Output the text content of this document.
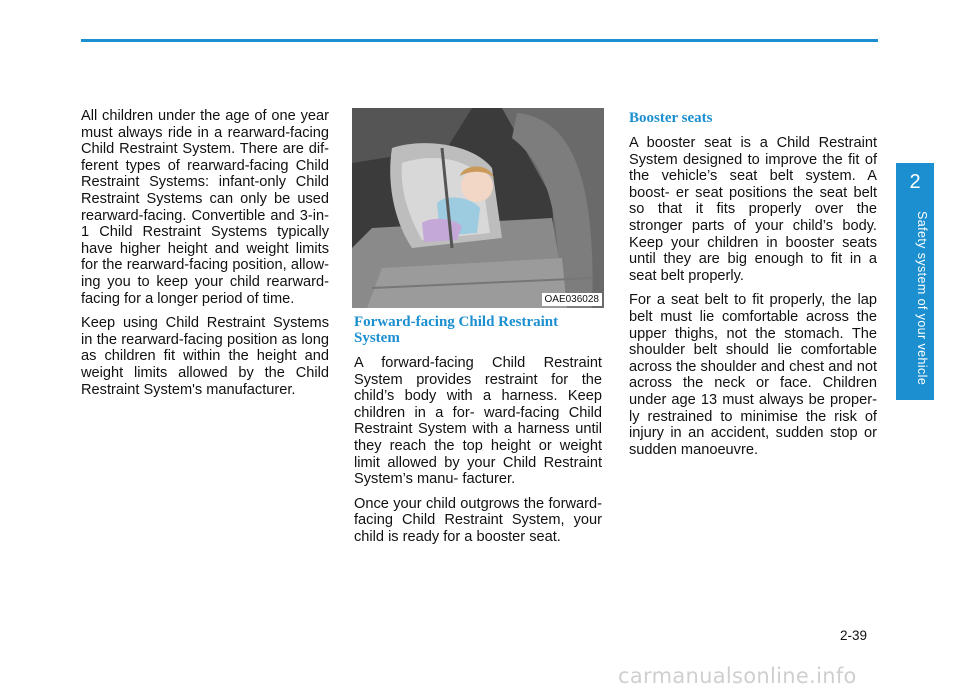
All children under the age of one year must always ride in a rearward-facing Child Restraint System. There are dif- ferent types of rearward-facing Child Restraint Systems: infant-only Child Restraint Systems can only be used rearward-facing. Convertible and 3-in- 1 Child Restraint Systems typically have higher height and weight limits for the rearward-facing position, allow- ing you to keep your child rearward- facing for a longer period of time.

Keep using Child Restraint Systems in the rearward-facing position as long as children fit within the height and weight limits allowed by the Child Restraint System's manufacturer.

OAE036028
Forward-facing Child Restraint System

A forward-facing Child Restraint System provides restraint for the child’s body with a harness. Keep children in a for- ward-facing Child Restraint System with a harness until they reach the top height or weight limit allowed by your Child Restraint System’s manu- facturer.

Once your child outgrows the forward- facing Child Restraint System, your child is ready for a booster seat.

Booster seats

A booster seat is a Child Restraint System designed to improve the fit of the vehicle’s seat belt system. A boost- er seat positions the seat belt so that it fits properly over the stronger parts of your child’s body. Keep your children in booster seats until they are big enough to fit in a seat belt properly.

For a seat belt to fit properly, the lap belt must lie comfortable across the upper thighs, not the stomach. The shoulder belt should lie comfortable across the shoulder and chest and not across the neck or face. Children under age 13 must always be proper- ly restrained to minimise the risk of injury in an accident, sudden stop or sudden manoeuvre.

2
Safety system of your vehicle
2-39
carmanualsonline.info
